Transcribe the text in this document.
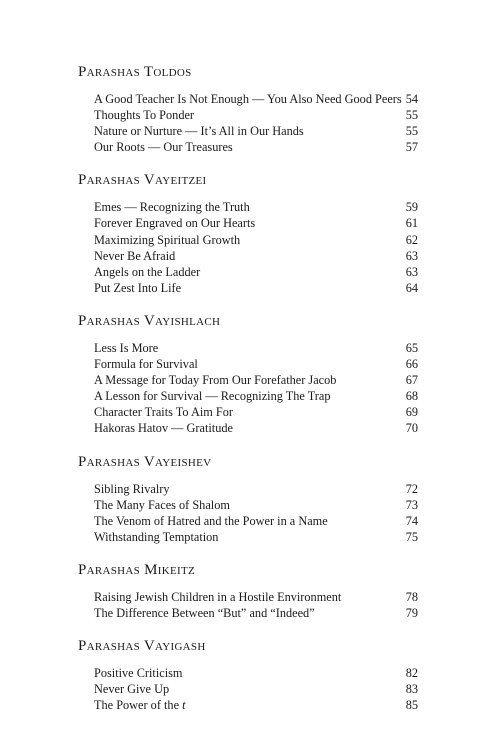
Parashas Toldos
A Good Teacher Is Not Enough — You Also Need Good Peers 54
Thoughts To Ponder	55
Nature or Nurture — It’s All in Our Hands	55
Our Roots — Our Treasures	57
Parashas Vayeitzei
Emes — Recognizing the Truth	59
Forever Engraved on Our Hearts	61
Maximizing Spiritual Growth	62
Never Be Afraid	63
Angels on the Ladder	63
Put Zest Into Life	64
Parashas Vayishlach
Less Is More	65
Formula for Survival	66
A Message for Today From Our Forefather Jacob	67
A Lesson for Survival — Recognizing The Trap	68
Character Traits To Aim For	69
Hakoras Hatov — Gratitude	70
Parashas Vayeishev
Sibling Rivalry	72
The Many Faces of Shalom	73
The Venom of Hatred and the Power in a Name	74
Withstanding Temptation	75
Parashas Mikeitz
Raising Jewish Children in a Hostile Environment	78
The Difference Between “But” and “Indeed”	79
Parashas Vayigash
Positive Criticism	82
Never Give Up	83
The Power of the t	85
